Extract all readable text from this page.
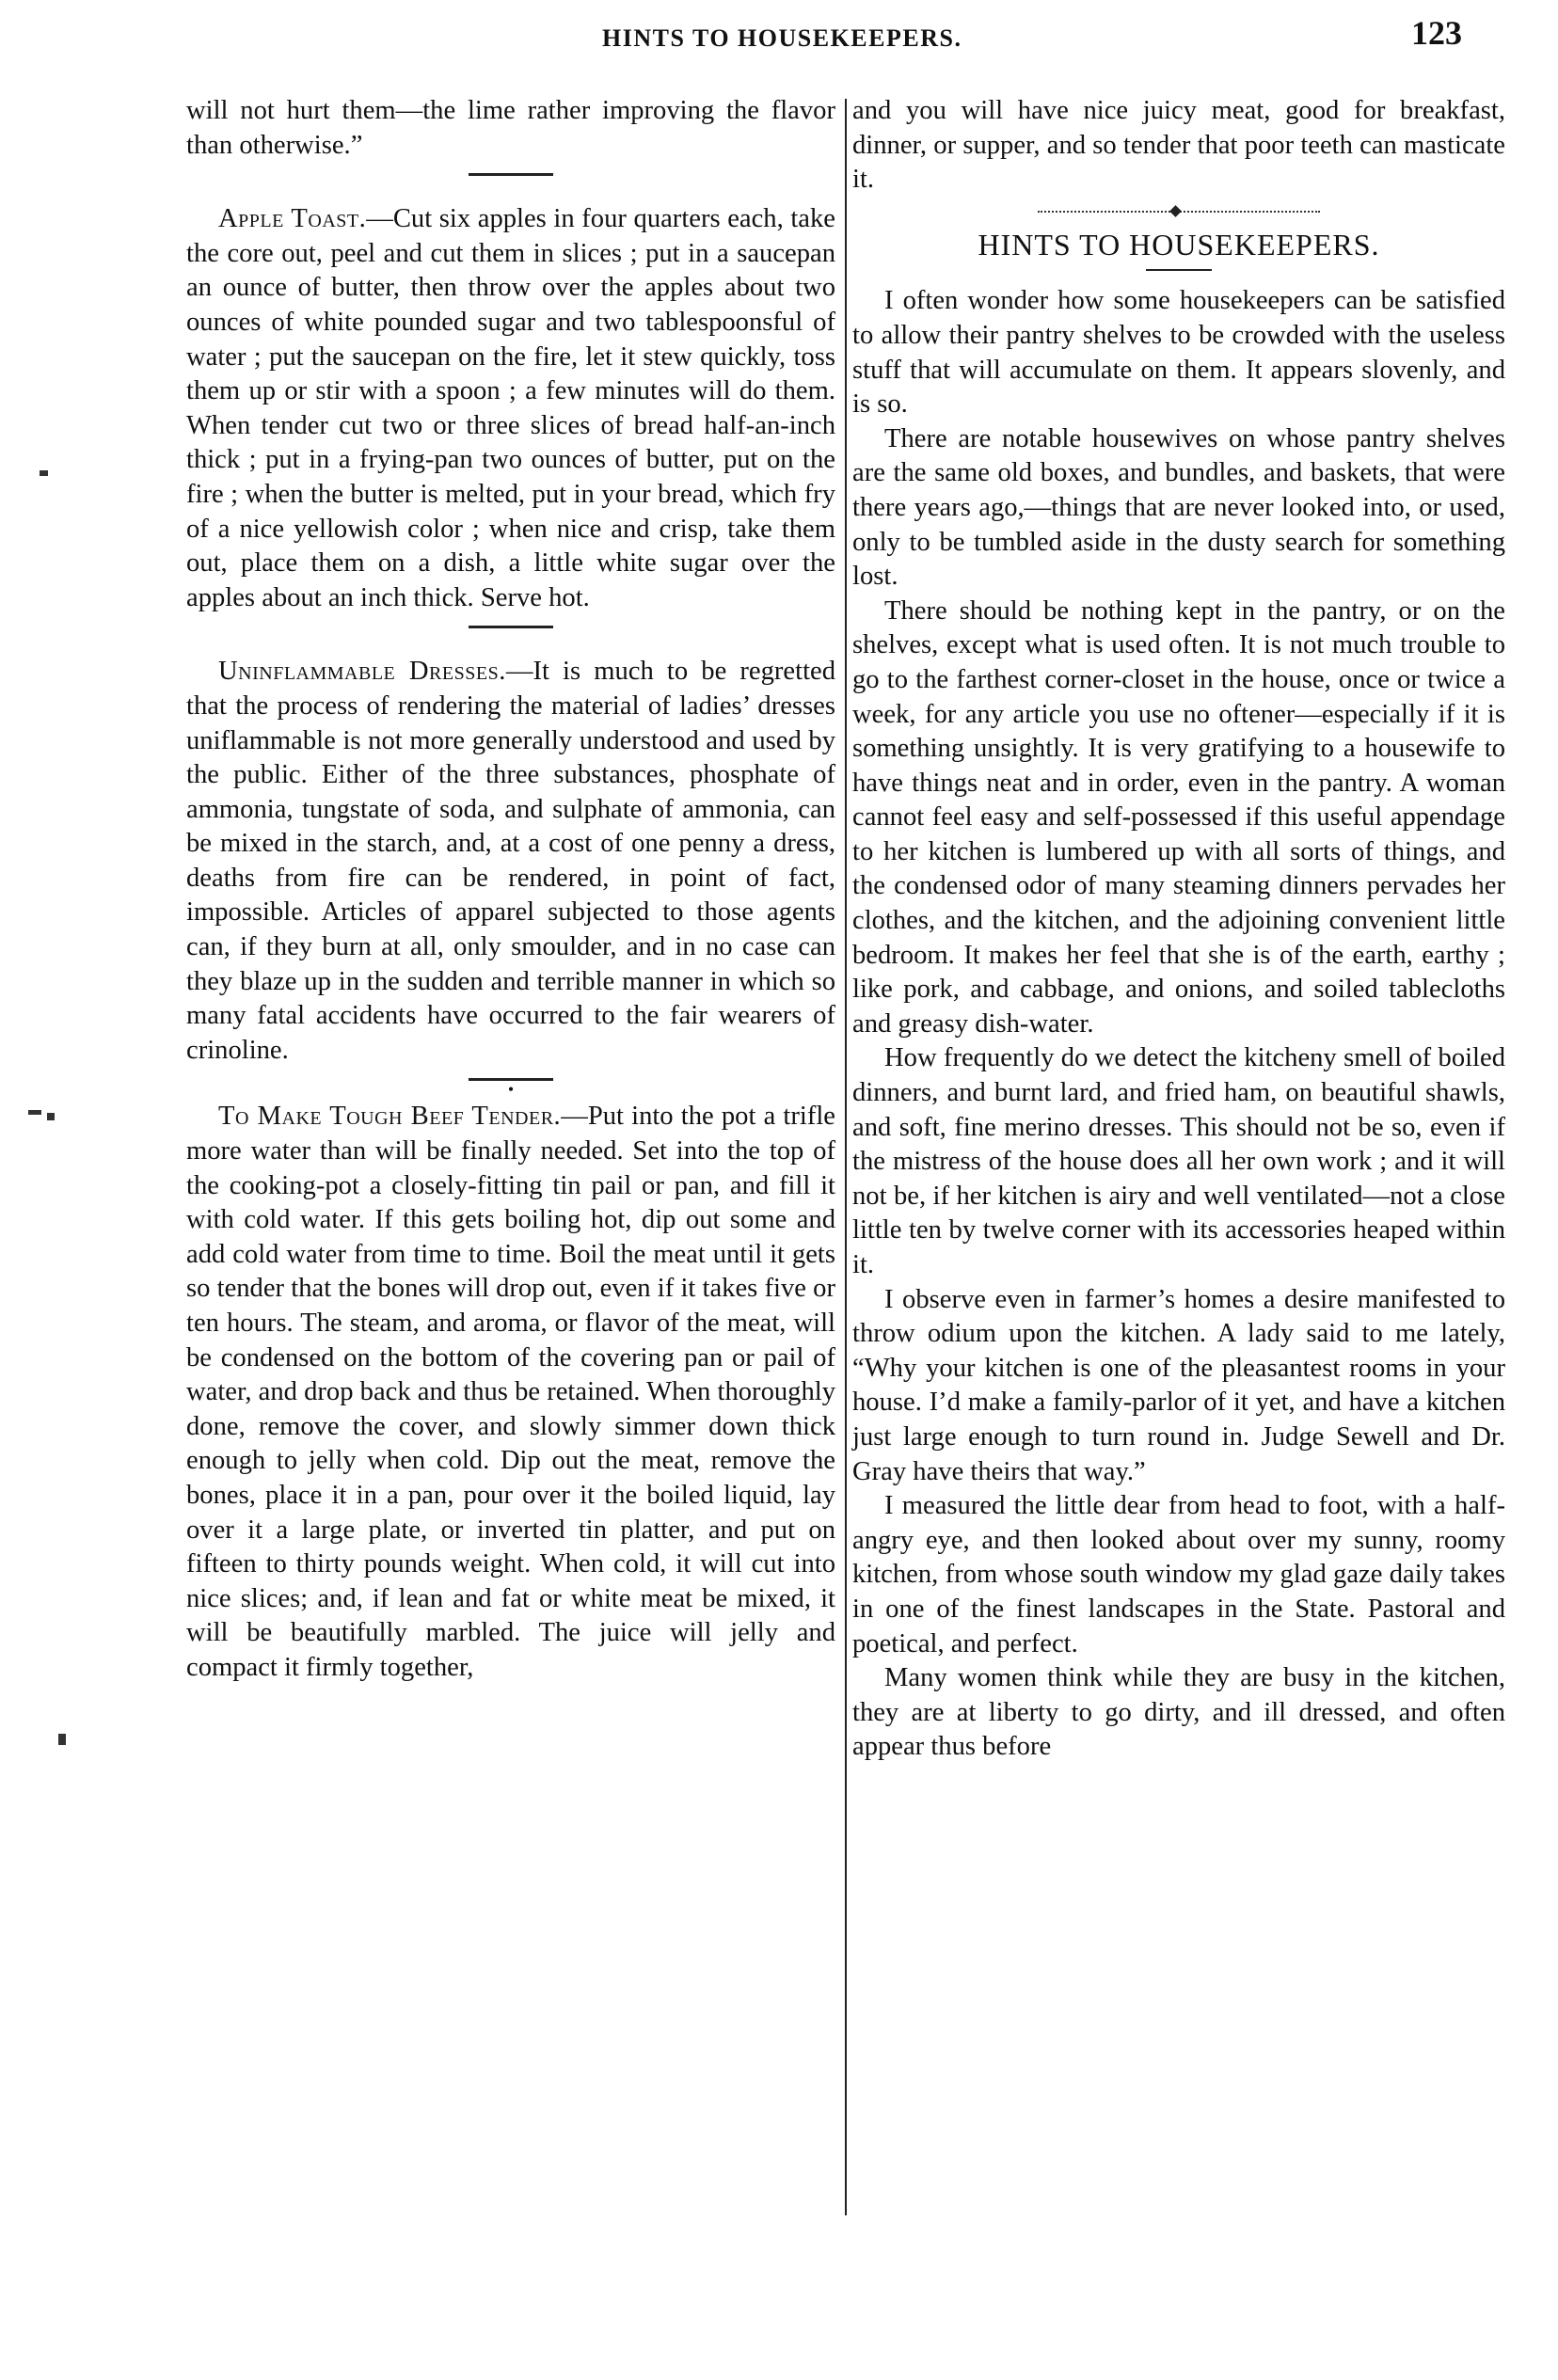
HINTS TO HOUSEKEEPERS.	123

will not hurt them—the lime rather improving the flavor than otherwise.”

Apple Toast.—Cut six apples in four quarters each, take the core out, peel and cut them in slices ; put in a saucepan an ounce of butter, then throw over the apples about two ounces of white pounded sugar and two tablespoonsful of water ; put the saucepan on the fire, let it stew quickly, toss them up or stir with a spoon ; a few minutes will do them. When tender cut two or three slices of bread half-an-inch thick ; put in a frying-pan two ounces of butter, put on the fire ; when the butter is melted, put in your bread, which fry of a nice yellowish color ; when nice and crisp, take them out, place them on a dish, a little white sugar over the apples about an inch thick. Serve hot.

Uninflammable Dresses.—It is much to be regretted that the process of rendering the material of ladies’ dresses uniflammable is not more generally understood and used by the public. Either of the three substances, phosphate of ammonia, tungstate of soda, and sulphate of ammonia, can be mixed in the starch, and, at a cost of one penny a dress, deaths from fire can be rendered, in point of fact, impossible. Articles of apparel subjected to those agents can, if they burn at all, only smoulder, and in no case can they blaze up in the sudden and terrible manner in which so many fatal accidents have occurred to the fair wearers of crinoline.

•

To Make Tough Beef Tender.—Put into the pot a trifle more water than will be finally needed. Set into the top of the cooking-pot a closely-fitting tin pail or pan, and fill it with cold water. If this gets boiling hot, dip out some and add cold water from time to time. Boil the meat until it gets so tender that the bones will drop out, even if it takes five or ten hours. The steam, and aroma, or flavor of the meat, will be condensed on the bottom of the covering pan or pail of water, and drop back and thus be retained. When thoroughly done, remove the cover, and slowly simmer down thick enough to jelly when cold. Dip out the meat, remove the bones, place it in a pan, pour over it the boiled liquid, lay over it a large plate, or inverted tin platter, and put on fifteen to thirty pounds weight. When cold, it will cut into nice slices; and, if lean and fat or white meat be mixed, it will be beautifully marbled. The juice will jelly and compact it firmly together,

and you will have nice juicy meat, good for breakfast, dinner, or supper, and so tender that poor teeth can masticate it.

HINTS TO HOUSEKEEPERS.

I often wonder how some housekeepers can be satisfied to allow their pantry shelves to be crowded with the useless stuff that will accumulate on them. It appears slovenly, and is so.

There are notable housewives on whose pantry shelves are the same old boxes, and bundles, and baskets, that were there years ago,—things that are never looked into, or used, only to be tumbled aside in the dusty search for something lost.

There should be nothing kept in the pantry, or on the shelves, except what is used often. It is not much trouble to go to the farthest corner-closet in the house, once or twice a week, for any article you use no oftener—especially if it is something unsightly. It is very gratifying to a housewife to have things neat and in order, even in the pantry. A woman cannot feel easy and self-possessed if this useful appendage to her kitchen is lumbered up with all sorts of things, and the condensed odor of many steaming dinners pervades her clothes, and the kitchen, and the adjoining convenient little bedroom. It makes her feel that she is of the earth, earthy ; like pork, and cabbage, and onions, and soiled tablecloths and greasy dish-water.

How frequently do we detect the kitcheny smell of boiled dinners, and burnt lard, and fried ham, on beautiful shawls, and soft, fine merino dresses. This should not be so, even if the mistress of the house does all her own work ; and it will not be, if her kitchen is airy and well ventilated—not a close little ten by twelve corner with its accessories heaped within it.

I observe even in farmer’s homes a desire manifested to throw odium upon the kitchen. A lady said to me lately, “Why your kitchen is one of the pleasantest rooms in your house. I’d make a family-parlor of it yet, and have a kitchen just large enough to turn round in. Judge Sewell and Dr. Gray have theirs that way.”

I measured the little dear from head to foot, with a half-angry eye, and then looked about over my sunny, roomy kitchen, from whose south window my glad gaze daily takes in one of the finest landscapes in the State. Pastoral and poetical, and perfect.

Many women think while they are busy in the kitchen, they are at liberty to go dirty, and ill dressed, and often appear thus before
